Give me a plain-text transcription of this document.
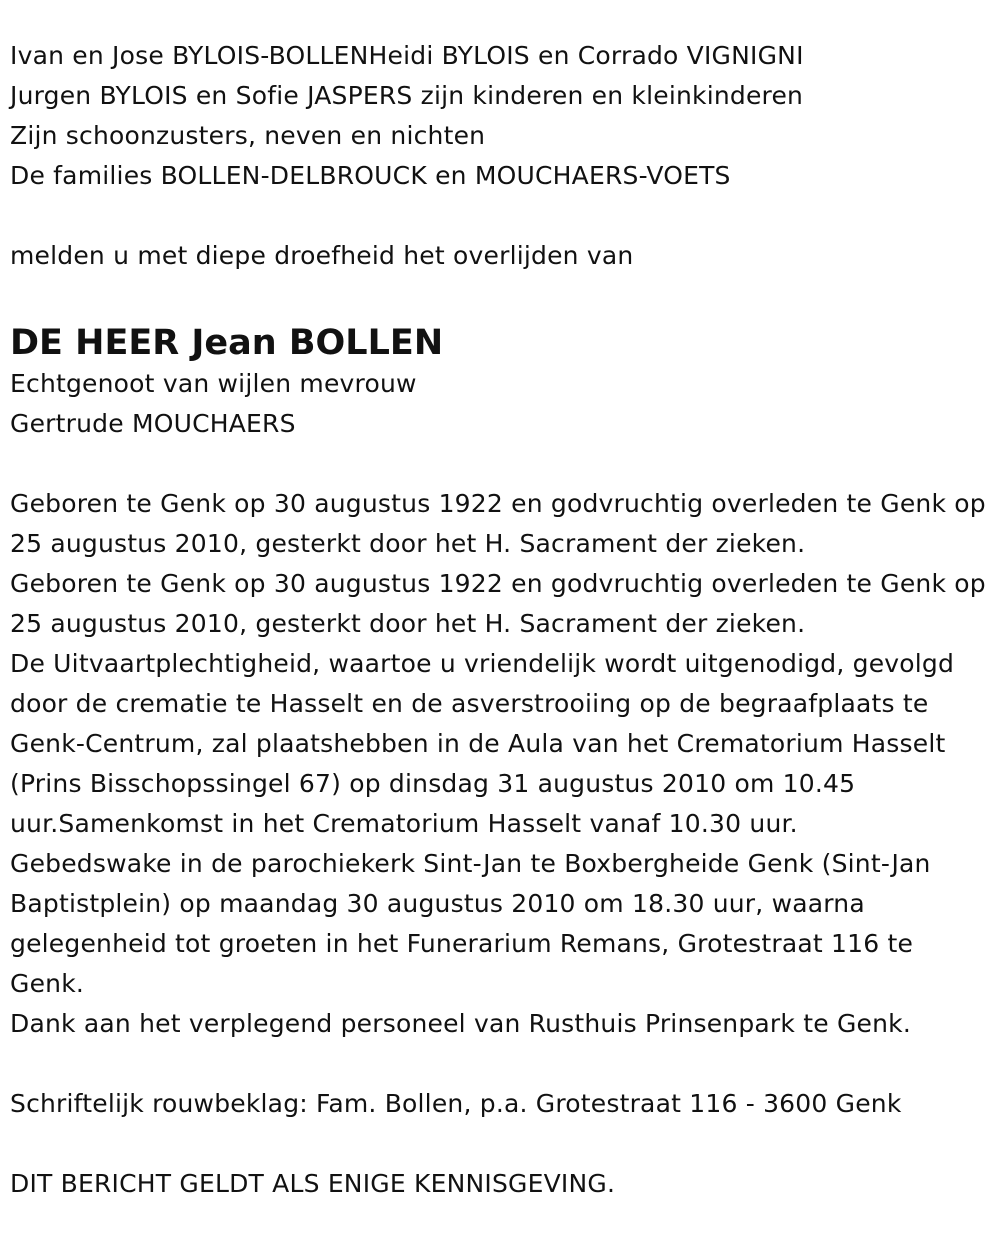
Ivan en Jose BYLOIS-BOLLENHeidi BYLOIS en Corrado VIGNIGNI

Jurgen BYLOIS en Sofie JASPERS zijn kinderen en kleinkinderen

Zijn schoonzusters, neven en nichten

De families BOLLEN-DELBROUCK en MOUCHAERS-VOETS

melden u met diepe droefheid het overlijden van

DE HEER Jean BOLLEN

Echtgenoot van wijlen mevrouw

Gertrude MOUCHAERS

Geboren te Genk op 30 augustus 1922 en godvruchtig overleden te Genk op 25 augustus 2010, gesterkt door het H. Sacrament der zieken.

Geboren te Genk op 30 augustus 1922 en godvruchtig overleden te Genk op 25 augustus 2010, gesterkt door het H. Sacrament der zieken.

De Uitvaartplechtigheid, waartoe u vriendelijk wordt uitgenodigd, gevolgd door de crematie te Hasselt en de asverstrooiing op de begraafplaats te Genk-Centrum, zal plaatshebben in de Aula van het Crematorium Hasselt (Prins Bisschopssingel 67) op dinsdag 31 augustus 2010 om 10.45 uur.Samenkomst in het Crematorium Hasselt vanaf 10.30 uur.

Gebedswake in de parochiekerk Sint-Jan te Boxbergheide Genk (Sint-Jan Baptistplein) op maandag 30 augustus 2010 om 18.30 uur, waarna gelegenheid tot groeten in het Funerarium Remans, Grotestraat 116 te Genk.

Dank aan het verplegend personeel van Rusthuis Prinsenpark te Genk.

Schriftelijk rouwbeklag: Fam. Bollen, p.a. Grotestraat 116 - 3600 Genk

DIT BERICHT GELDT ALS ENIGE KENNISGEVING.
